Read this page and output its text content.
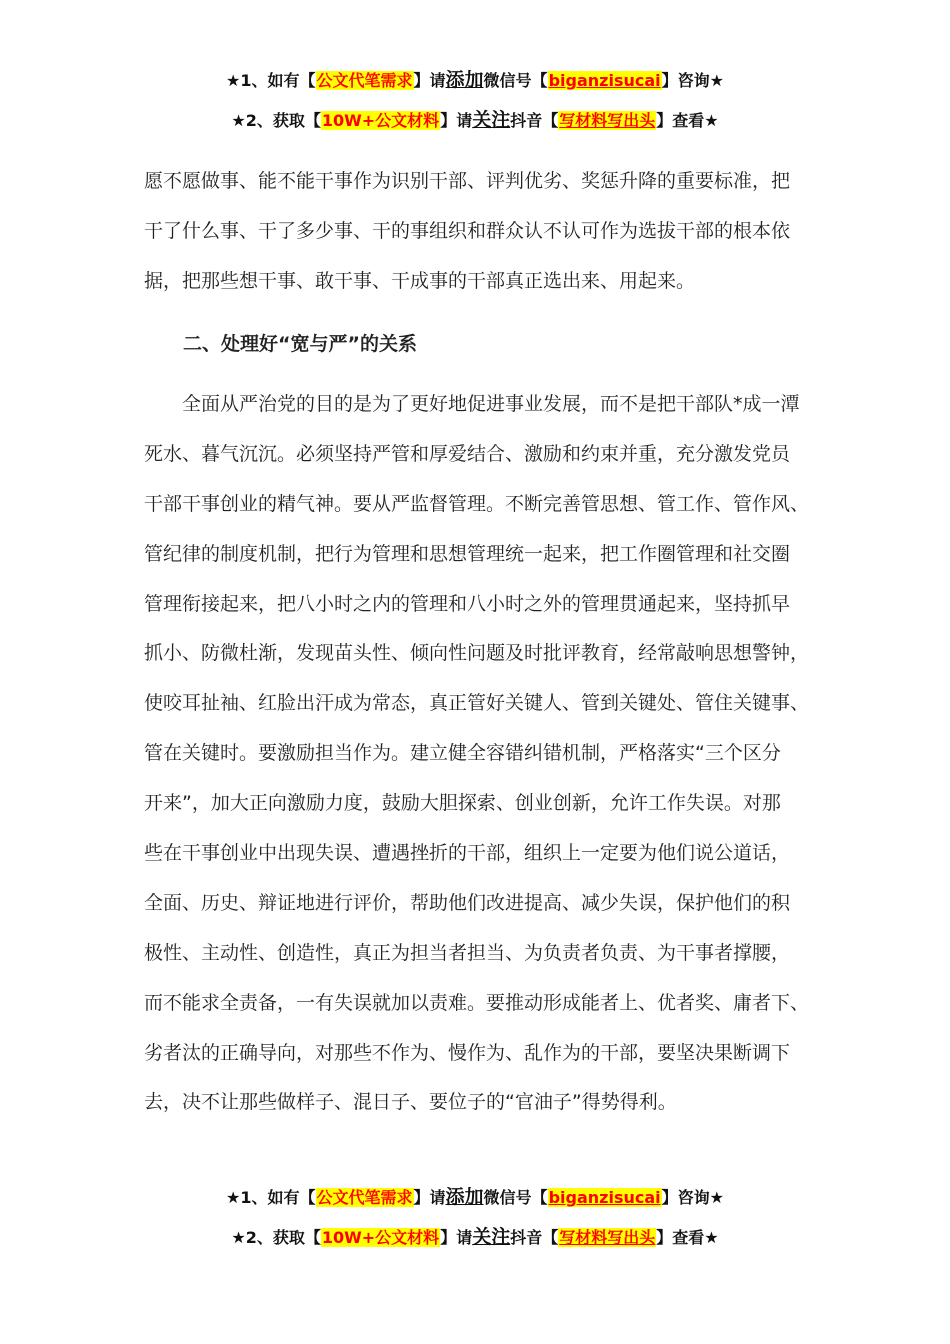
★1、如有【公文代笔需求】请添加微信号【biganzisucai】咨询★
★2、获取【10W+公文材料】请关注抖音【写材料写出头】查看★
愿不愿做事、能不能干事作为识别干部、评判优劣、奖惩升降的重要标准，把
干了什么事、干了多少事、干的事组织和群众认不认可作为选拔干部的根本依
据，把那些想干事、敢干事、干成事的干部真正选出来、用起来。
二、处理好“宽与严”的关系
　　全面从严治党的目的是为了更好地促进事业发展，而不是把干部队*成一潭
死水、暮气沉沉。必须坚持严管和厚爱结合、激励和约束并重，充分激发党员
干部干事创业的精气神。要从严监督管理。不断完善管思想、管工作、管作风、
管纪律的制度机制，把行为管理和思想管理统一起来，把工作圈管理和社交圈
管理衔接起来，把八小时之内的管理和八小时之外的管理贯通起来，坚持抓早
抓小、防微杜渐，发现苗头性、倾向性问题及时批评教育，经常敲响思想警钟，
使咬耳扯袖、红脸出汗成为常态，真正管好关键人、管到关键处、管住关键事、
管在关键时。要激励担当作为。建立健全容错纠错机制，严格落实“三个区分
开来”，加大正向激励力度，鼓励大胆探索、创业创新，允许工作失误。对那
些在干事创业中出现失误、遭遇挫折的干部，组织上一定要为他们说公道话，
全面、历史、辩证地进行评价，帮助他们改进提高、减少失误，保护他们的积
极性、主动性、创造性，真正为担当者担当、为负责者负责、为干事者撑腰，
而不能求全责备，一有失误就加以责难。要推动形成能者上、优者奖、庸者下、
劣者汰的正确导向，对那些不作为、慢作为、乱作为的干部，要坚决果断调下
去，决不让那些做样子、混日子、要位子的“官油子”得势得利。
★1、如有【公文代笔需求】请添加微信号【biganzisucai】咨询★
★2、获取【10W+公文材料】请关注抖音【写材料写出头】查看★
